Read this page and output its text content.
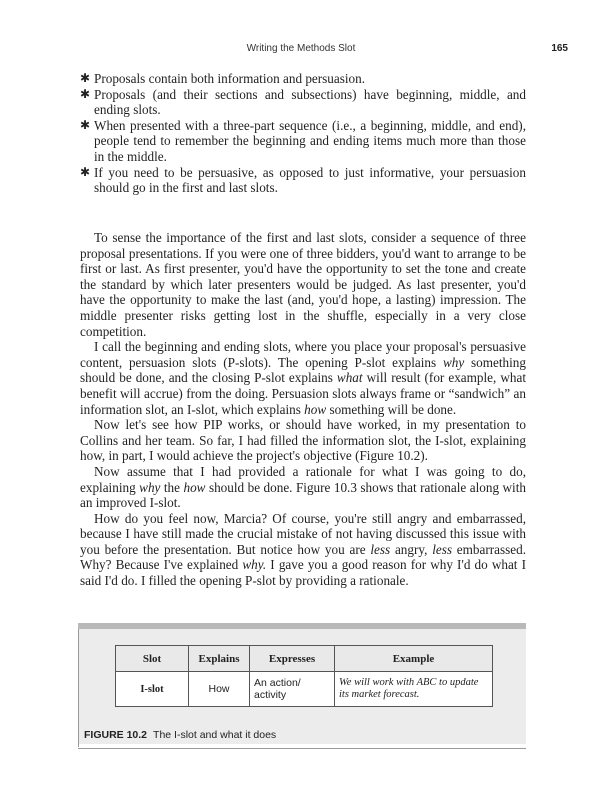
Writing the Methods Slot	165
✱ Proposals contain both information and persuasion.
✱ Proposals (and their sections and subsections) have beginning, middle, and ending slots.
✱ When presented with a three-part sequence (i.e., a beginning, middle, and end), people tend to remember the beginning and ending items much more than those in the middle.
✱ If you need to be persuasive, as opposed to just informative, your persuasion should go in the first and last slots.

To sense the importance of the first and last slots, consider a sequence of three proposal presentations. If you were one of three bidders, you'd want to arrange to be first or last. As first presenter, you'd have the opportunity to set the tone and create the standard by which later presenters would be judged. As last presenter, you'd have the opportunity to make the last (and, you'd hope, a lasting) impression. The middle presenter risks getting lost in the shuffle, especially in a very close competition.

I call the beginning and ending slots, where you place your proposal's persuasive content, persuasion slots (P-slots). The opening P-slot explains why something should be done, and the closing P-slot explains what will result (for example, what benefit will accrue) from the doing. Persuasion slots always frame or “sandwich” an information slot, an I-slot, which explains how something will be done.

Now let's see how PIP works, or should have worked, in my presentation to Collins and her team. So far, I had filled the information slot, the I-slot, explaining how, in part, I would achieve the project's objective (Figure 10.2).

Now assume that I had provided a rationale for what I was going to do, explaining why the how should be done. Figure 10.3 shows that rationale along with an improved I-slot.

How do you feel now, Marcia? Of course, you're still angry and embarrassed, because I have still made the crucial mistake of not having discussed this issue with you before the presentation. But notice how you are less angry, less embarrassed. Why? Because I've explained why. I gave you a good reason for why I'd do what I said I'd do. I filled the opening P-slot by providing a rationale.

Slot	Explains	Expresses	Example
I-slot	How	An action/ activity	We will work with ABC to update its market forecast.
FIGURE 10.2 The I-slot and what it does
